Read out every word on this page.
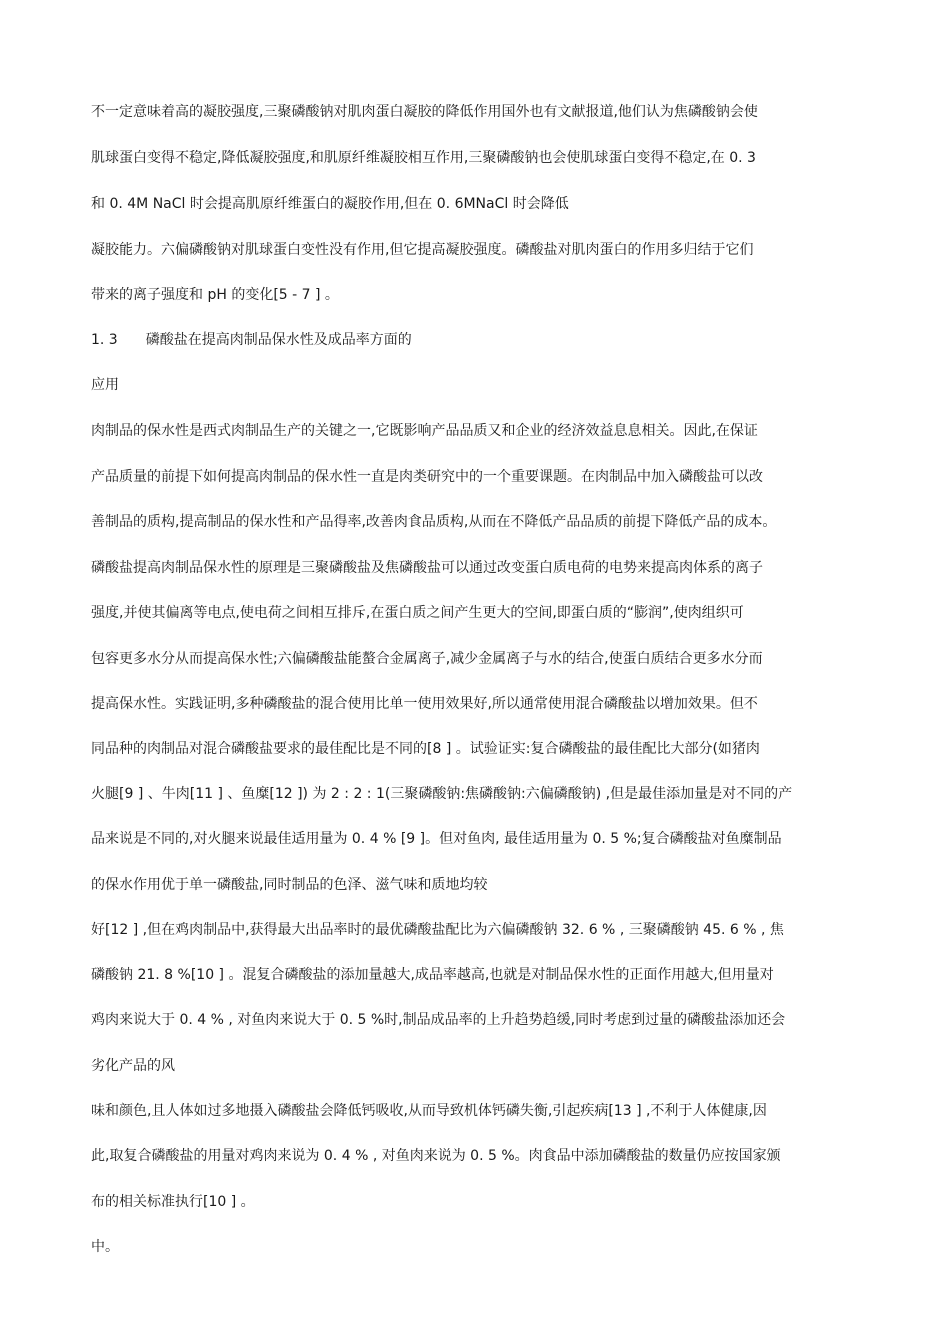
不一定意味着高的凝胶强度,三聚磷酸钠对肌肉蛋白凝胶的降低作用国外也有文献报道,他们认为焦磷酸钠会使
肌球蛋白变得不稳定,降低凝胶强度,和肌原纤维凝胶相互作用,三聚磷酸钠也会使肌球蛋白变得不稳定,在 0. 3
和 0. 4M NaCl 时会提高肌原纤维蛋白的凝胶作用,但在 0. 6MNaCl 时会降低
凝胶能力。六偏磷酸钠对肌球蛋白变性没有作用,但它提高凝胶强度。磷酸盐对肌肉蛋白的作用多归结于它们
带来的离子强度和 pH 的变化[5 - 7 ] 。
1. 3  磷酸盐在提高肉制品保水性及成品率方面的
应用
肉制品的保水性是西式肉制品生产的关键之一,它既影响产品品质又和企业的经济效益息息相关。因此,在保证
产品质量的前提下如何提高肉制品的保水性一直是肉类研究中的一个重要课题。在肉制品中加入磷酸盐可以改
善制品的质构,提高制品的保水性和产品得率,改善肉食品质构,从而在不降低产品品质的前提下降低产品的成本。
磷酸盐提高肉制品保水性的原理是三聚磷酸盐及焦磷酸盐可以通过改变蛋白质电荷的电势来提高肉体系的离子
强度,并使其偏离等电点,使电荷之间相互排斥,在蛋白质之间产生更大的空间,即蛋白质的“膨润”,使肉组织可
包容更多水分从而提高保水性;六偏磷酸盐能螯合金属离子,减少金属离子与水的结合,使蛋白质结合更多水分而
提高保水性。实践证明,多种磷酸盐的混合使用比单一使用效果好,所以通常使用混合磷酸盐以增加效果。但不
同品种的肉制品对混合磷酸盐要求的最佳配比是不同的[8 ] 。试验证实:复合磷酸盐的最佳配比大部分(如猪肉
火腿[9 ] 、牛肉[11 ] 、鱼糜[12 ]) 为 2 : 2 : 1(三聚磷酸钠:焦磷酸钠:六偏磷酸钠) ,但是最佳添加量是对不同的产
品来说是不同的,对火腿来说最佳适用量为 0. 4 % [9 ]。但对鱼肉, 最佳适用量为 0. 5 %;复合磷酸盐对鱼糜制品
的保水作用优于单一磷酸盐,同时制品的色泽、滋气味和质地均较
好[12 ] ,但在鸡肉制品中,获得最大出品率时的最优磷酸盐配比为六偏磷酸钠 32. 6 % , 三聚磷酸钠 45. 6 % , 焦
磷酸钠 21. 8 %[10 ] 。混复合磷酸盐的添加量越大,成品率越高,也就是对制品保水性的正面作用越大,但用量对
鸡肉来说大于 0. 4 % , 对鱼肉来说大于 0. 5 %时,制品成品率的上升趋势趋缓,同时考虑到过量的磷酸盐添加还会
劣化产品的风
味和颜色,且人体如过多地摄入磷酸盐会降低钙吸收,从而导致机体钙磷失衡,引起疾病[13 ] ,不利于人体健康,因
此,取复合磷酸盐的用量对鸡肉来说为 0. 4 % , 对鱼肉来说为 0. 5 %。肉食品中添加磷酸盐的数量仍应按国家颁
布的相关标准执行[10 ] 。
中。
